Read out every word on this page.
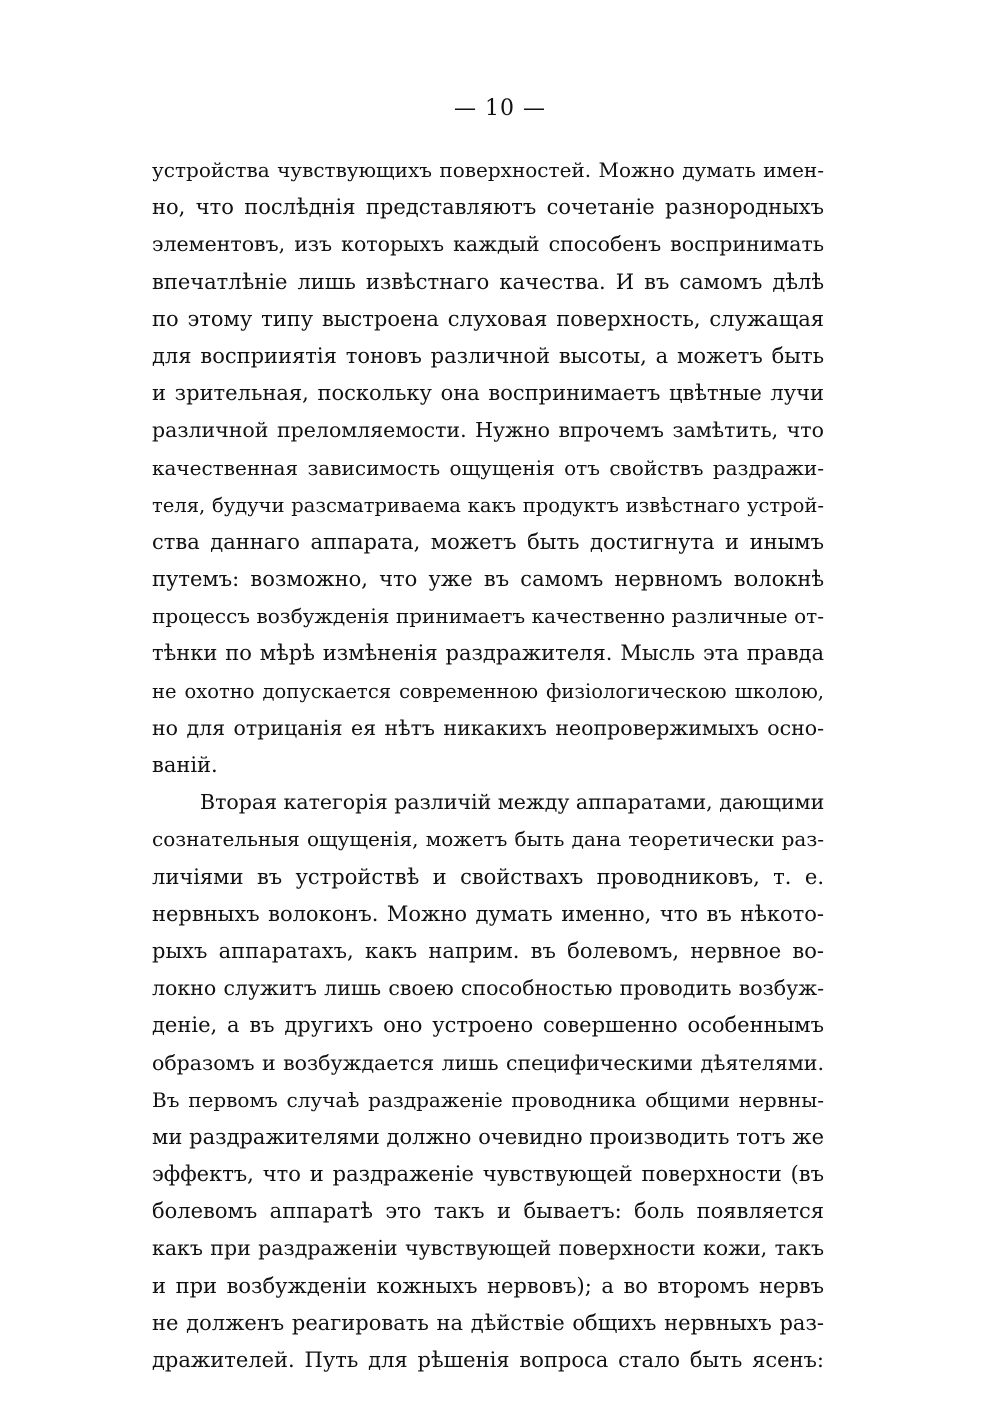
— 10 —
устройства чувствующихъ поверхностей. Можно думать имен-
но, что послѣднія представляютъ сочетаніе разнородныхъ
элементовъ, изъ которыхъ каждый способенъ воспринимать
впечатлѣніе лишь извѣстнаго качества. И въ самомъ дѣлѣ
по этому типу выстроена слуховая поверхность, служащая
для восприиятія тоновъ различной высоты, а можетъ быть
и зрительная, поскольку она воспринимаетъ цвѣтные лучи
различной преломляемости. Нужно впрочемъ замѣтить, что
качественная зависимость ощущенія отъ свойствъ раздражи-
теля, будучи разсматриваема какъ продуктъ извѣстнаго устрой-
ства даннаго аппарата, можетъ быть достигнута и инымъ
путемъ: возможно, что уже въ самомъ нервномъ волокнѣ
процессъ возбужденія принимаетъ качественно различные от-
тѣнки по мѣрѣ измѣненія раздражителя. Мысль эта правда
не охотно допускается современною физіологическою школою,
но для отрицанія ея нѣтъ никакихъ неопровержимыхъ осно-
ваній.
Вторая категорія различій между аппаратами, дающими
сознательныя ощущенія, можетъ быть дана теоретически раз-
личіями въ устройствѣ и свойствахъ проводниковъ, т. е.
нервныхъ волоконъ. Можно думать именно, что въ нѣкото-
рыхъ аппаратахъ, какъ наприм. въ болевомъ, нервное во-
локно служитъ лишь своею способностью проводить возбуж-
деніе, а въ другихъ оно устроено совершенно особеннымъ
образомъ и возбуждается лишь специфическими дѣятелями.
Въ первомъ случаѣ раздраженіе проводника общими нервны-
ми раздражителями должно очевидно производить тотъ же
эффектъ, что и раздраженіе чувствующей поверхности (въ
болевомъ аппаратѣ это такъ и бываетъ: боль появляется
какъ при раздраженіи чувствующей поверхности кожи, такъ
и при возбужденіи кожныхъ нервовъ); а во второмъ нервъ
не долженъ реагировать на дѣйствіе общихъ нервныхъ раз-
дражителей. Путь для рѣшенія вопроса стало быть ясенъ:
